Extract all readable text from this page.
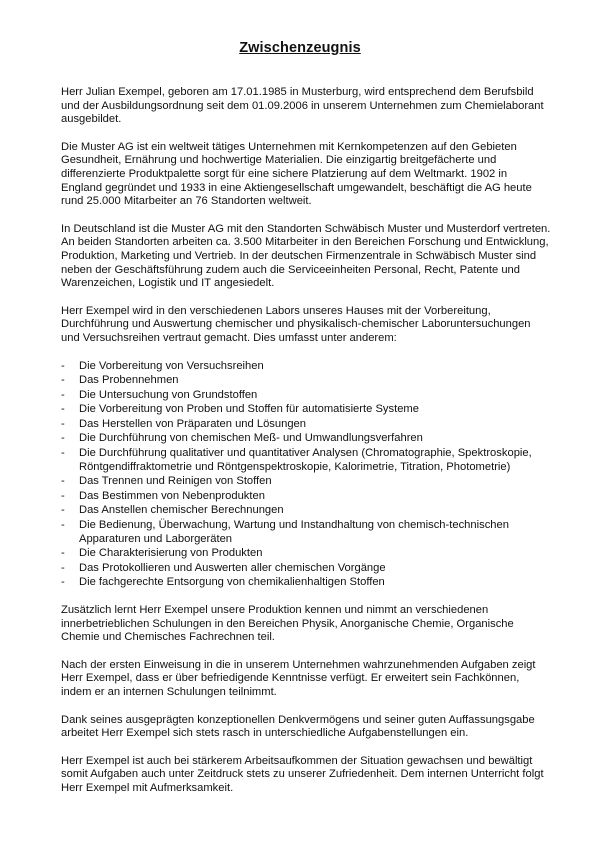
Zwischenzeugnis

Herr Julian Exempel, geboren am 17.01.1985 in Musterburg, wird entsprechend dem Berufsbild und der Ausbildungsordnung seit dem 01.09.2006 in unserem Unternehmen zum Chemielaborant ausgebildet.

Die Muster AG ist ein weltweit tätiges Unternehmen mit Kernkompetenzen auf den Gebieten Gesundheit, Ernährung und hochwertige Materialien. Die einzigartig breitgefächerte und differenzierte Produktpalette sorgt für eine sichere Platzierung auf dem Weltmarkt. 1902 in England gegründet und 1933 in eine Aktiengesellschaft umgewandelt, beschäftigt die AG heute rund 25.000 Mitarbeiter an 76 Standorten weltweit.

In Deutschland ist die Muster AG mit den Standorten Schwäbisch Muster und Musterdorf vertreten. An beiden Standorten arbeiten ca. 3.500 Mitarbeiter in den Bereichen Forschung und Entwicklung, Produktion, Marketing und Vertrieb. In der deutschen Firmenzentrale in Schwäbisch Muster sind neben der Geschäftsführung zudem auch die Serviceeinheiten Personal, Recht, Patente und Warenzeichen, Logistik und IT angesiedelt.

Herr Exempel wird in den verschiedenen Labors unseres Hauses mit der Vorbereitung, Durchführung und Auswertung chemischer und physikalisch-chemischer Laboruntersuchungen und Versuchsreihen vertraut gemacht. Dies umfasst unter anderem:

- Die Vorbereitung von Versuchsreihen
- Das Probennehmen
- Die Untersuchung von Grundstoffen
- Die Vorbereitung von Proben und Stoffen für automatisierte Systeme
- Das Herstellen von Präparaten und Lösungen
- Die Durchführung von chemischen Meß- und Umwandlungsverfahren
- Die Durchführung qualitativer und quantitativer Analysen (Chromatographie, Spektroskopie, Röntgendiffraktometrie und Röntgenspektroskopie, Kalorimetrie, Titration, Photometrie)
- Das Trennen und Reinigen von Stoffen
- Das Bestimmen von Nebenprodukten
- Das Anstellen chemischer Berechnungen
- Die Bedienung, Überwachung, Wartung und Instandhaltung von chemisch-technischen Apparaturen und Laborgeräten
- Die Charakterisierung von Produkten
- Das Protokollieren und Auswerten aller chemischen Vorgänge
- Die fachgerechte Entsorgung von chemikalienhaltigen Stoffen

Zusätzlich lernt Herr Exempel unsere Produktion kennen und nimmt an verschiedenen innerbetrieblichen Schulungen in den Bereichen Physik, Anorganische Chemie, Organische Chemie und Chemisches Fachrechnen teil.

Nach der ersten Einweisung in die in unserem Unternehmen wahrzunehmenden Aufgaben zeigt Herr Exempel, dass er über befriedigende Kenntnisse verfügt. Er erweitert sein Fachkönnen, indem er an internen Schulungen teilnimmt.

Dank seines ausgeprägten konzeptionellen Denkvermögens und seiner guten Auffassungsgabe arbeitet Herr Exempel sich stets rasch in unterschiedliche Aufgabenstellungen ein.

Herr Exempel ist auch bei stärkerem Arbeitsaufkommen der Situation gewachsen und bewältigt somit Aufgaben auch unter Zeitdruck stets zu unserer Zufriedenheit. Dem internen Unterricht folgt Herr Exempel mit Aufmerksamkeit.
